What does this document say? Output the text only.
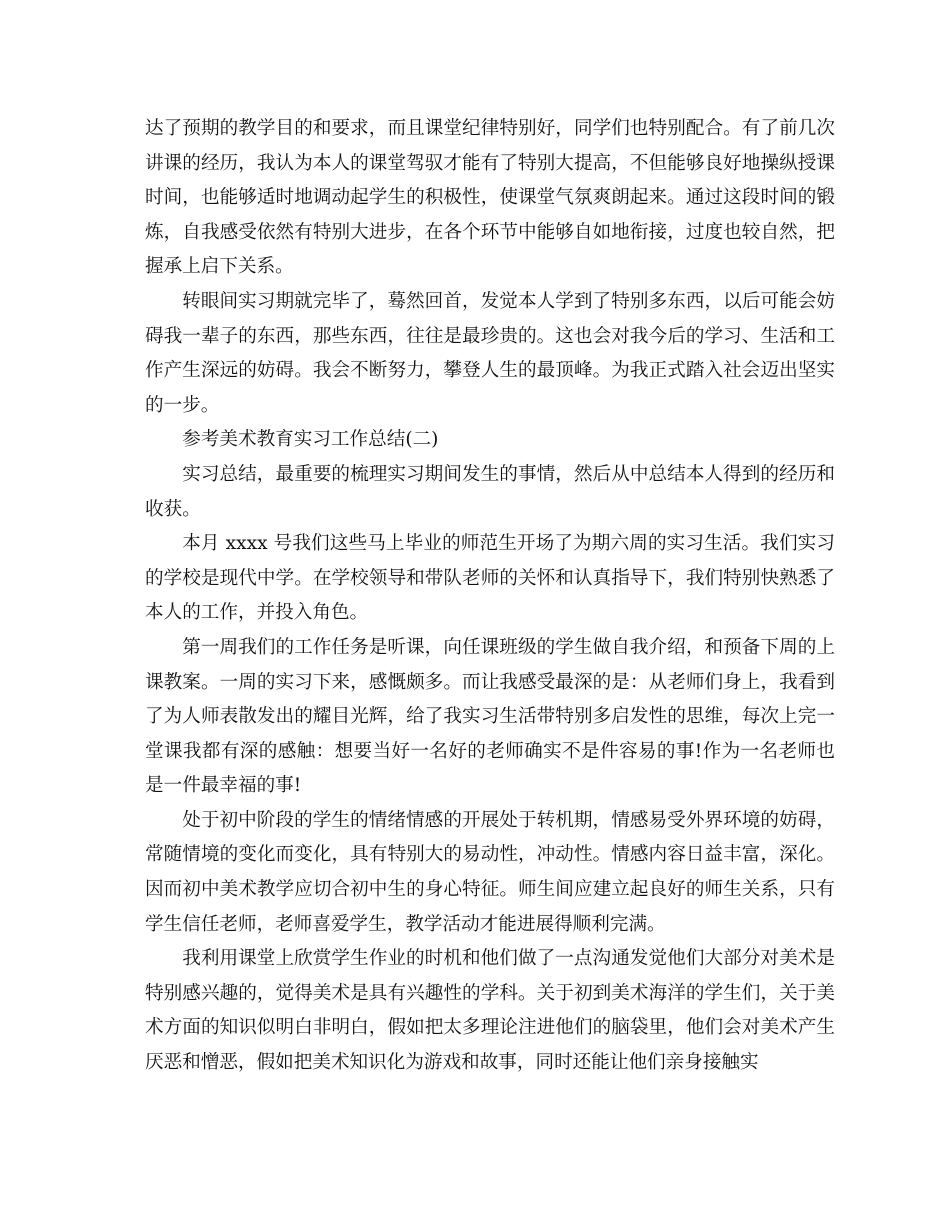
达了预期的教学目的和要求，而且课堂纪律特别好，同学们也特别配合。有了前几次讲课的经历，我认为本人的课堂驾驭才能有了特别大提高，不但能够良好地操纵授课时间，也能够适时地调动起学生的积极性，使课堂气氛爽朗起来。通过这段时间的锻炼，自我感受依然有特别大进步，在各个环节中能够自如地衔接，过度也较自然，把握承上启下关系。

转眼间实习期就完毕了，蓦然回首，发觉本人学到了特别多东西，以后可能会妨碍我一辈子的东西，那些东西，往往是最珍贵的。这也会对我今后的学习、生活和工作产生深远的妨碍。我会不断努力，攀登人生的最顶峰。为我正式踏入社会迈出坚实的一步。

参考美术教育实习工作总结(二)

实习总结，最重要的梳理实习期间发生的事情，然后从中总结本人得到的经历和收获。

本月 xxxx 号我们这些马上毕业的师范生开场了为期六周的实习生活。我们实习的学校是现代中学。在学校领导和带队老师的关怀和认真指导下，我们特别快熟悉了本人的工作，并投入角色。

第一周我们的工作任务是听课，向任课班级的学生做自我介绍，和预备下周的上课教案。一周的实习下来，感慨颇多。而让我感受最深的是：从老师们身上，我看到了为人师表散发出的耀目光辉，给了我实习生活带特别多启发性的思维，每次上完一堂课我都有深的感触：想要当好一名好的老师确实不是件容易的事!作为一名老师也是一件最幸福的事!

处于初中阶段的学生的情绪情感的开展处于转机期，情感易受外界环境的妨碍，常随情境的变化而变化，具有特别大的易动性，冲动性。情感内容日益丰富，深化。因而初中美术教学应切合初中生的身心特征。师生间应建立起良好的师生关系，只有学生信任老师，老师喜爱学生，教学活动才能进展得顺利完满。

我利用课堂上欣赏学生作业的时机和他们做了一点沟通发觉他们大部分对美术是特别感兴趣的，觉得美术是具有兴趣性的学科。关于初到美术海洋的学生们，关于美术方面的知识似明白非明白，假如把太多理论注进他们的脑袋里，他们会对美术产生厌恶和憎恶，假如把美术知识化为游戏和故事，同时还能让他们亲身接触实
